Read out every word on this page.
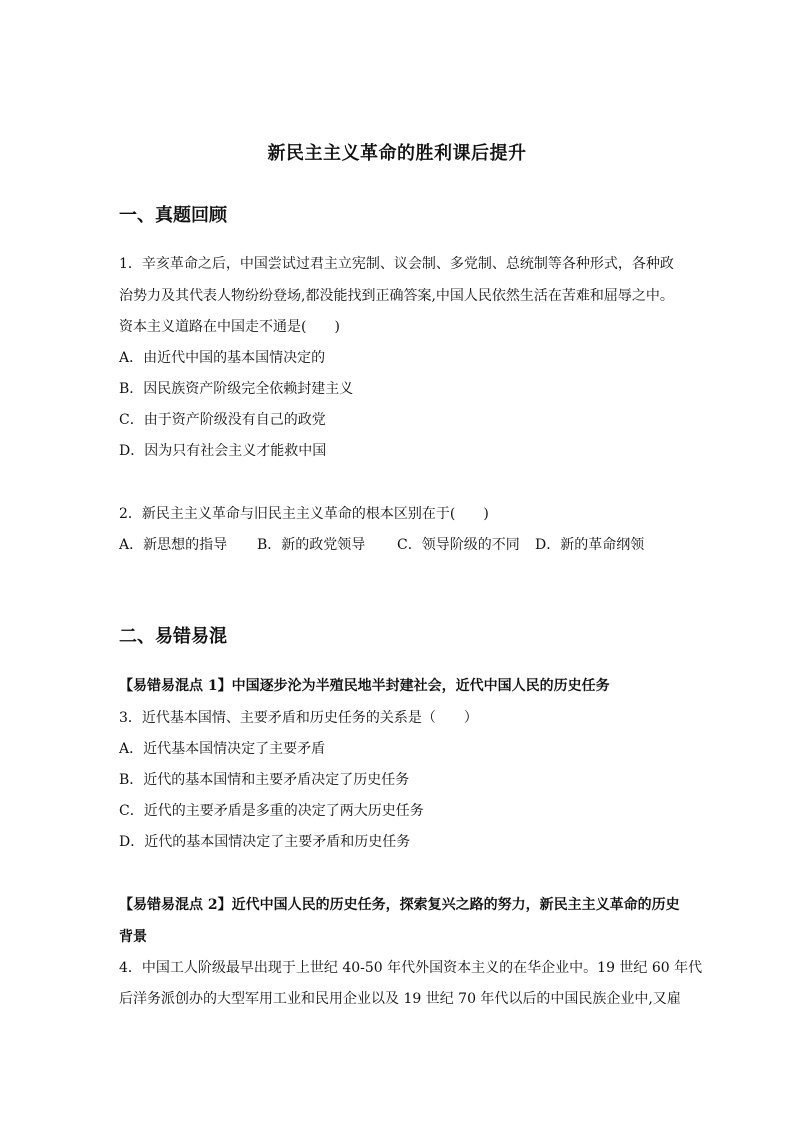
新民主主义革命的胜利课后提升
一、真题回顾
1．辛亥革命之后，中国尝试过君主立宪制、议会制、多党制、总统制等各种形式，各种政
治势力及其代表人物纷纷登场,都没能找到正确答案,中国人民依然生活在苦难和屈辱之中。
资本主义道路在中国走不通是(　　)
A．由近代中国的基本国情决定的
B．因民族资产阶级完全依赖封建主义
C．由于资产阶级没有自己的政党
D．因为只有社会主义才能救中国
2．新民主主义革命与旧民主主义革命的根本区别在于(　　)
A．新思想的指导 B．新的政党领导 C．领导阶级的不同 D．新的革命纲领
二、易错易混
【易错易混点 1】中国逐步沦为半殖民地半封建社会，近代中国人民的历史任务
3．近代基本国情、主要矛盾和历史任务的关系是（　　）
A．近代基本国情决定了主要矛盾
B．近代的基本国情和主要矛盾决定了历史任务
C．近代的主要矛盾是多重的决定了两大历史任务
D．近代的基本国情决定了主要矛盾和历史任务
【易错易混点 2】近代中国人民的历史任务，探索复兴之路的努力，新民主主义革命的历史
背景
4．中国工人阶级最早出现于上世纪 40-50 年代外国资本主义的在华企业中。19 世纪 60 年代
后洋务派创办的大型军用工业和民用企业以及 19 世纪 70 年代以后的中国民族企业中,又雇
